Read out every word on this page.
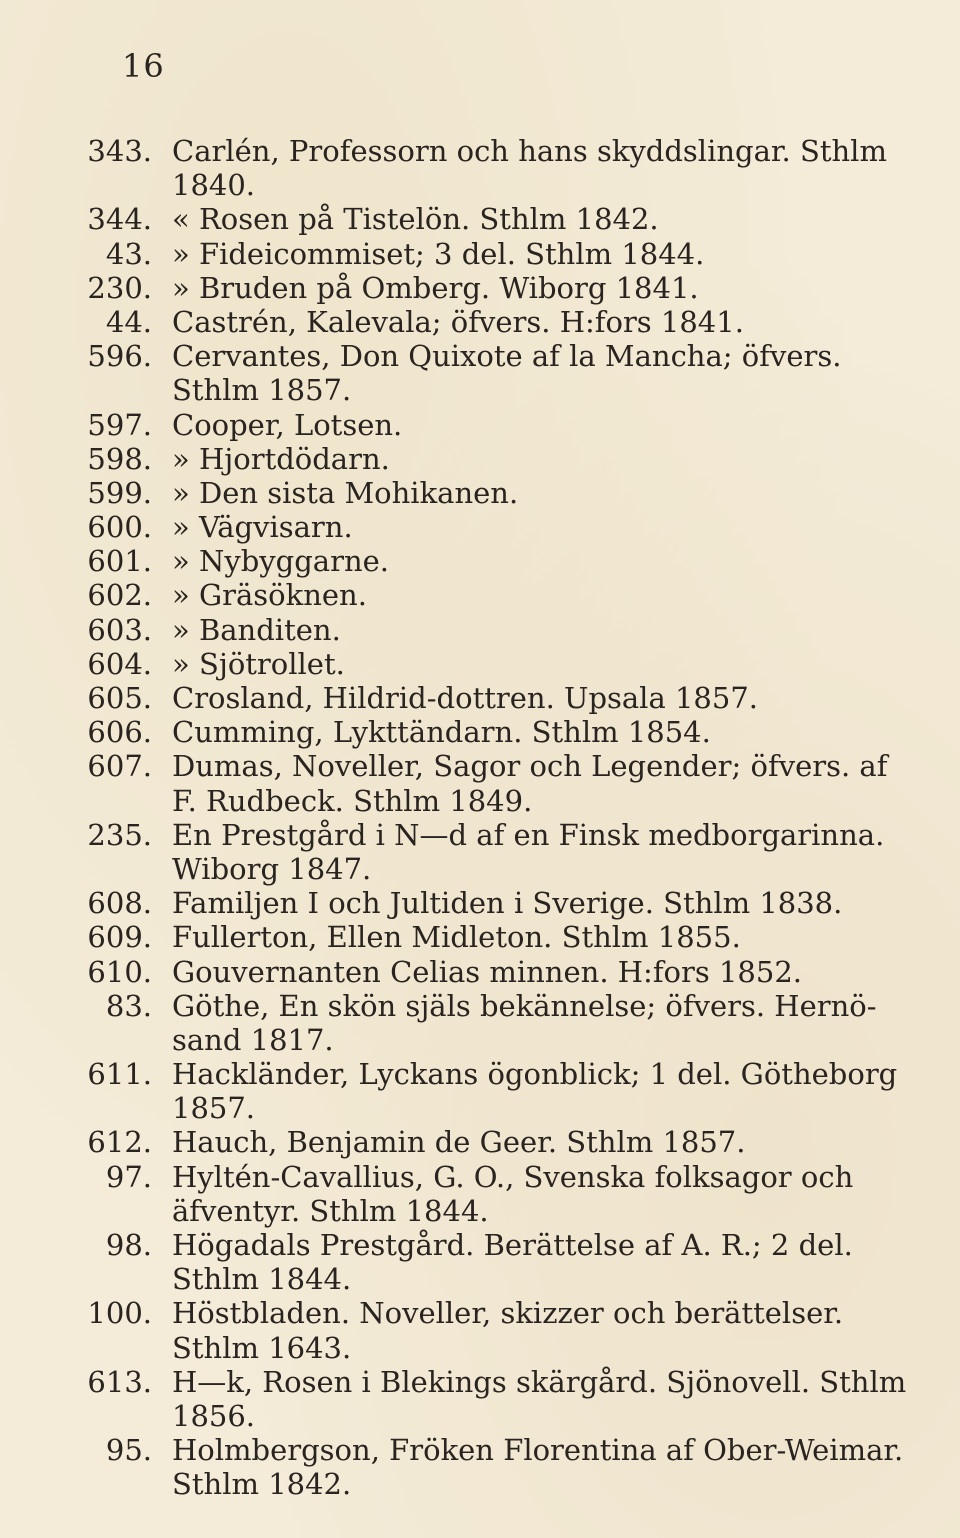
16
343. Carlén, Professorn och hans skyddslingar. Sthlm
1840.
344. « Rosen på Tistelön. Sthlm 1842.
43. » Fideicommiset; 3 del. Sthlm 1844.
230. » Bruden på Omberg. Wiborg 1841.
44. Castrén, Kalevala; öfvers. H:fors 1841.
596. Cervantes, Don Quixote af la Mancha; öfvers.
Sthlm 1857.
597. Cooper, Lotsen.
598. » Hjortdödarn.
599. » Den sista Mohikanen.
600. » Vägvisarn.
601. » Nybyggarne.
602. » Gräsöknen.
603. » Banditen.
604. » Sjötrollet.
605. Crosland, Hildrid-dottren. Upsala 1857.
606. Cumming, Lykttändarn. Sthlm 1854.
607. Dumas, Noveller, Sagor och Legender; öfvers. af
F. Rudbeck. Sthlm 1849.
235. En Prestgård i N—d af en Finsk medborgarinna.
Wiborg 1847.
608. Familjen I och Jultiden i Sverige. Sthlm 1838.
609. Fullerton, Ellen Midleton. Sthlm 1855.
610. Gouvernanten Celias minnen. H:fors 1852.
83. Göthe, En skön själs bekännelse; öfvers. Hernö-
sand 1817.
611. Hackländer, Lyckans ögonblick; 1 del. Götheborg
1857.
612. Hauch, Benjamin de Geer. Sthlm 1857.
97. Hyltén-Cavallius, G. O., Svenska folksagor och
äfventyr. Sthlm 1844.
98. Högadals Prestgård. Berättelse af A. R.; 2 del.
Sthlm 1844.
100. Höstbladen. Noveller, skizzer och berättelser.
Sthlm 1643.
613. H—k, Rosen i Blekings skärgård. Sjönovell. Sthlm
1856.
95. Holmbergson, Fröken Florentina af Ober-Weimar.
Sthlm 1842.
